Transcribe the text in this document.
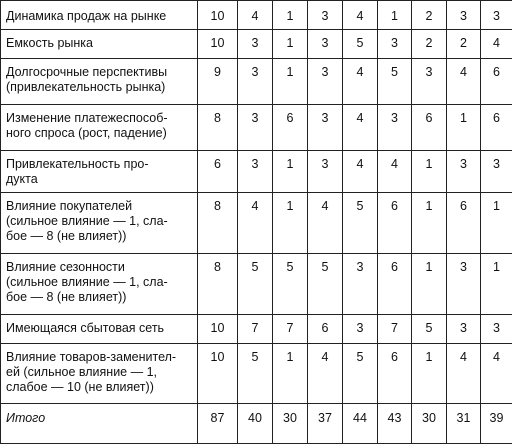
Динамика продаж на рынке	10	4	1	3	4	1	2	3	3
Емкость рынка	10	3	1	3	5	3	2	2	4
Долгосрочные перспективы
(привлекательность рынка)	9	3	1	3	4	5	3	4	6
Изменение платежеспособ-
ного спроса (рост, падение)	8	3	6	3	4	3	6	1	6
Привлекательность про-
дукта	6	3	1	3	4	4	1	3	3
Влияние покупателей
(сильное влияние — 1, сла-
бое — 8 (не влияет))	8	4	1	4	5	6	1	6	1
Влияние сезонности
(сильное влияние — 1, сла-
бое — 8 (не влияет))	8	5	5	5	3	6	1	3	1
Имеющаяся сбытовая сеть	10	7	7	6	3	7	5	3	3
Влияние товаров-заменител-
ей (сильное влияние — 1,
слабое — 10 (не влияет))	10	5	1	4	5	6	1	4	4
Итого	87	40	30	37	44	43	30	31	39
